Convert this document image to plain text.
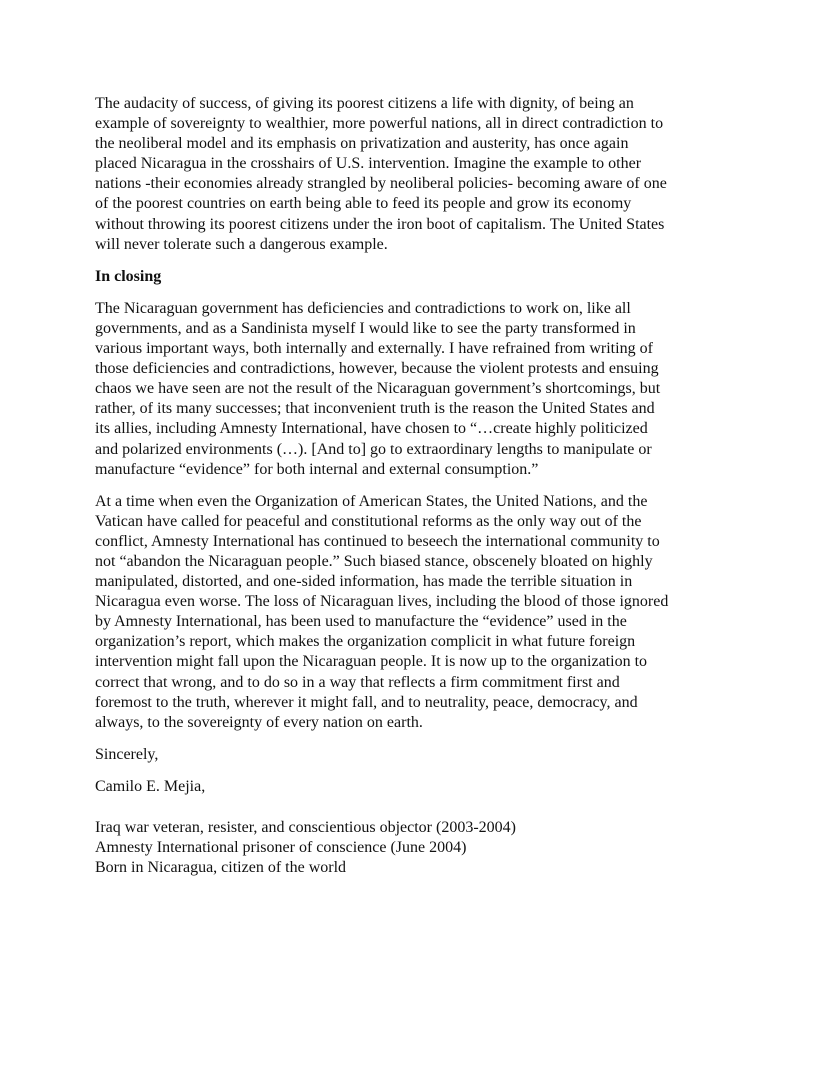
The audacity of success, of giving its poorest citizens a life with dignity, of being an
example of sovereignty to wealthier, more powerful nations, all in direct contradiction to
the neoliberal model and its emphasis on privatization and austerity, has once again
placed Nicaragua in the crosshairs of U.S. intervention. Imagine the example to other
nations -their economies already strangled by neoliberal policies- becoming aware of one
of the poorest countries on earth being able to feed its people and grow its economy
without throwing its poorest citizens under the iron boot of capitalism. The United States
will never tolerate such a dangerous example.

In closing

The Nicaraguan government has deficiencies and contradictions to work on, like all
governments, and as a Sandinista myself I would like to see the party transformed in
various important ways, both internally and externally. I have refrained from writing of
those deficiencies and contradictions, however, because the violent protests and ensuing
chaos we have seen are not the result of the Nicaraguan government’s shortcomings, but
rather, of its many successes; that inconvenient truth is the reason the United States and
its allies, including Amnesty International, have chosen to “…create highly politicized
and polarized environments (…). [And to] go to extraordinary lengths to manipulate or
manufacture “evidence” for both internal and external consumption.”

At a time when even the Organization of American States, the United Nations, and the
Vatican have called for peaceful and constitutional reforms as the only way out of the
conflict, Amnesty International has continued to beseech the international community to
not “abandon the Nicaraguan people.” Such biased stance, obscenely bloated on highly
manipulated, distorted, and one-sided information, has made the terrible situation in
Nicaragua even worse. The loss of Nicaraguan lives, including the blood of those ignored
by Amnesty International, has been used to manufacture the “evidence” used in the
organization’s report, which makes the organization complicit in what future foreign
intervention might fall upon the Nicaraguan people. It is now up to the organization to
correct that wrong, and to do so in a way that reflects a firm commitment first and
foremost to the truth, wherever it might fall, and to neutrality, peace, democracy, and
always, to the sovereignty of every nation on earth.

Sincerely,
Camilo E. Mejia,
Iraq war veteran, resister, and conscientious objector (2003-2004)
Amnesty International prisoner of conscience (June 2004)
Born in Nicaragua, citizen of the world
